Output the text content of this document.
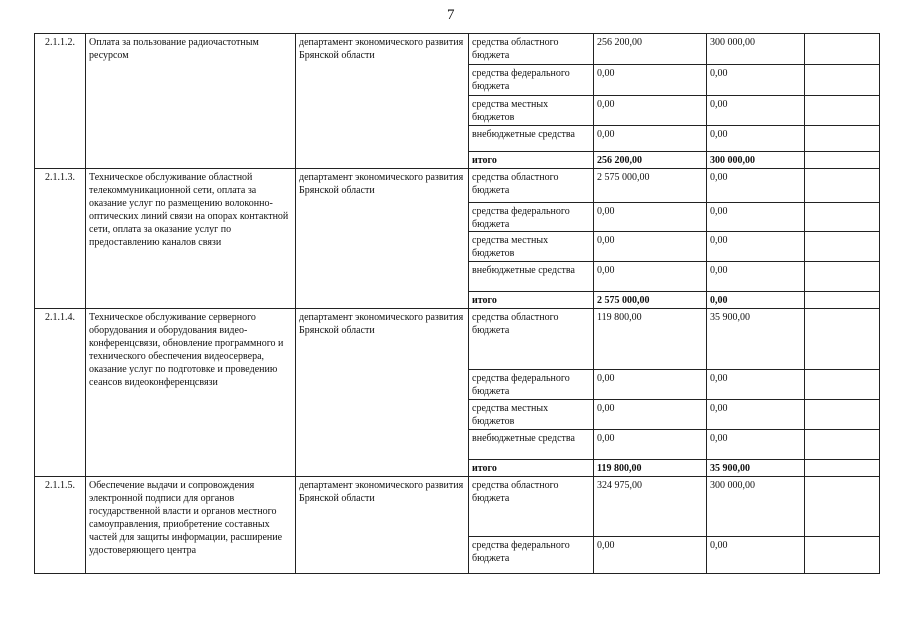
7
2.1.1.2.	Оплата за пользование радиочастотным ресурсом	департамент экономического развития Брянской области	средства областного бюджета	256 200,00	300 000,00	
			средства федерального бюджета	0,00	0,00	
			средства местных бюджетов	0,00	0,00	
			внебюджетные средства	0,00	0,00	
			итого	256 200,00	300 000,00	
2.1.1.3.	Техническое обслуживание областной телекоммуникационной сети, оплата за оказание услуг по размещению волоконно-оптических линий связи на опорах контактной сети, оплата за оказание услуг по предоставлению каналов связи	департамент экономического развития Брянской области	средства областного бюджета	2 575 000,00	0,00	
			средства федерального бюджета	0,00	0,00	
			средства местных бюджетов	0,00	0,00	
			внебюджетные средства	0,00	0,00	
			итого	2 575 000,00	0,00	
2.1.1.4.	Техническое обслуживание серверного оборудования и оборудования видео-конференцсвязи, обновление программного и технического обеспечения видеосервера, оказание услуг по подготовке и проведению сеансов видеоконференцсвязи	департамент экономического развития Брянской области	средства областного бюджета	119 800,00	35 900,00	
			средства федерального бюджета	0,00	0,00	
			средства местных бюджетов	0,00	0,00	
			внебюджетные средства	0,00	0,00	
			итого	119 800,00	35 900,00	
2.1.1.5.	Обеспечение выдачи и сопровождения электронной подписи для органов государственной власти и органов местного самоуправления, приобретение составных частей для защиты информации, расширение удостоверяющего центра	департамент экономического развития Брянской области	средства областного бюджета	324 975,00	300 000,00	
			средства федерального бюджета	0,00	0,00	
